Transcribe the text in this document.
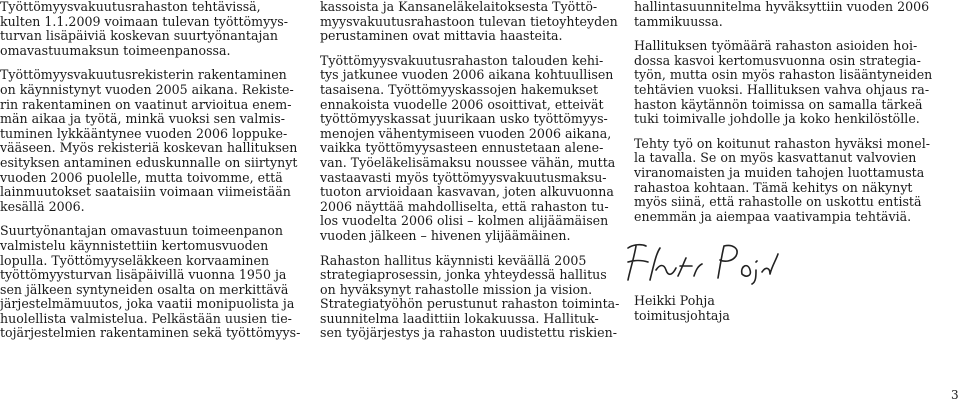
Työttömyysvakuutusrahaston tehtävissä,
kulten 1.1.2009 voimaan tulevan työttömyys-
turvan lisäpäiviä koskevan suurtyönantajan
omavastuumaksun toimeenpanossa.
Työttömyysvakuutusrekisterin rakentaminen
on käynnistynyt vuoden 2005 aikana. Rekiste-
rin rakentaminen on vaatinut arvioitua enem-
män aikaa ja työtä, minkä vuoksi sen valmis-
tuminen lykkääntynee vuoden 2006 loppuke-
vääseen. Myös rekisteriä koskevan hallituksen
esityksen antaminen eduskunnalle on siirtynyt
vuoden 2006 puolelle, mutta toivomme, että
lainmuutokset saataisiin voimaan viimeistään
kesällä 2006.
Suurtyönantajan omavastuun toimeenpanon
valmistelu käynnistettiin kertomusvuoden
lopulla. Työttömyyseläkkeen korvaaminen
työttömyysturvan lisäpäivillä vuonna 1950 ja
sen jälkeen syntyneiden osalta on merkittävä
järjestelmämuutos, joka vaatii monipuolista ja
huolellista valmistelua. Pelkästään uusien tie-
tojärjestelmien rakentaminen sekä työttömyys-
kassoista ja Kansaneläkelaitoksesta Työttö-
myysvakuutusrahastoon tulevan tietoyhteyden
perustaminen ovat mittavia haasteita.
Työttömyysvakuutusrahaston talouden kehi-
tys jatkunee vuoden 2006 aikana kohtuullisen
tasaisena. Työttömyyskassojen hakemukset
ennakoista vuodelle 2006 osoittivat, etteivät
työttömyyskassat juurikaan usko työttömyys-
menojen vähentymiseen vuoden 2006 aikana,
vaikka työttömyysasteen ennustetaan alene-
van. Työeläkelisämaksu noussee vähän, mutta
vastaavasti myös työttömyysvakuutusmaksu-
tuoton arvioidaan kasvavan, joten alkuvuonna
2006 näyttää mahdolliselta, että rahaston tu-
los vuodelta 2006 olisi – kolmen alijäämäisen
vuoden jälkeen – hivenen ylijäämäinen.
Rahaston hallitus käynnisti keväällä 2005
strategiaprosessin, jonka yhteydessä hallitus
on hyväksynyt rahastolle mission ja vision.
Strategiatyöhön perustunut rahaston toiminta-
suunnitelma laadittiin lokakuussa. Hallituk-
sen työjärjestys ja rahaston uudistettu riskien-
hallintasuunnitelma hyväksyttiin vuoden 2006
tammikuussa.
Hallituksen työmäärä rahaston asioiden hoi-
dossa kasvoi kertomusvuonna osin strategia-
työn, mutta osin myös rahaston lisääntyneiden
tehtävien vuoksi. Hallituksen vahva ohjaus ra-
haston käytännön toimissa on samalla tärkeä
tuki toimivalle johdolle ja koko henkilöstölle.
Tehty työ on koitunut rahaston hyväksi monel-
la tavalla. Se on myös kasvattanut valvovien
viranomaisten ja muiden tahojen luottamusta
rahastoa kohtaan. Tämä kehitys on näkynyt
myös siinä, että rahastolle on uskottu entistä
enemmän ja aiempaa vaativampia tehtäviä.
Heikki Pohja
toimitusjohtaja
3
